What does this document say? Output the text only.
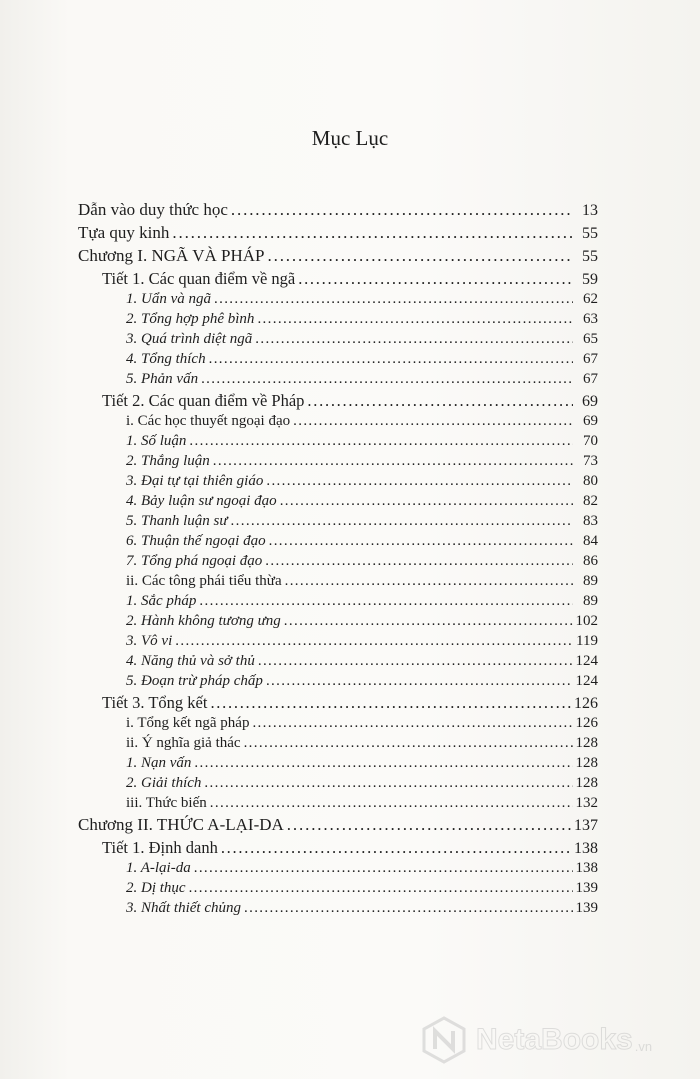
Mục Lục
Dẫn vào duy thức học . . .	13
Tựa quy kinh . . .	55
Chương I. NGÃ VÀ PHÁP . . .	55
Tiết 1. Các quan điểm về ngã . . .	59
1. Uẩn và ngã . . .	62
2. Tổng hợp phê bình . . .	63
3. Quá trình diệt ngã . . .	65
4. Tổng thích . . .	67
5. Phản vấn . . .	67
Tiết 2. Các quan điểm về Pháp . . .	69
i. Các học thuyết ngoại đạo . . .	69
1. Số luận . . .	70
2. Thắng luận . . .	73
3. Đại tự tại thiên giáo . . .	80
4. Bảy luận sư ngoại đạo . . .	82
5. Thanh luận sư . . .	83
6. Thuận thế ngoại đạo . . .	84
7. Tổng phá ngoại đạo . . .	86
ii. Các tông phái tiểu thừa . . .	89
1. Sắc pháp . . .	89
2. Hành không tương ưng . . .	102
3. Vô vi . . .	119
4. Năng thủ và sở thủ . . .	124
5. Đoạn trừ pháp chấp . . .	124
Tiết 3. Tổng kết . . .	126
i. Tổng kết ngã pháp . . .	126
ii. Ý nghĩa giả thác . . .	128
1. Nạn vấn . . .	128
2. Giải thích . . .	128
iii. Thức biến . . .	132
Chương II. THỨC A-LẠI-DA . . .	137
Tiết 1. Định danh . . .	138
1. A-lại-da . . .	138
2. Dị thục . . .	139
3. Nhất thiết chủng . . .	139
NetaBooks .vn
